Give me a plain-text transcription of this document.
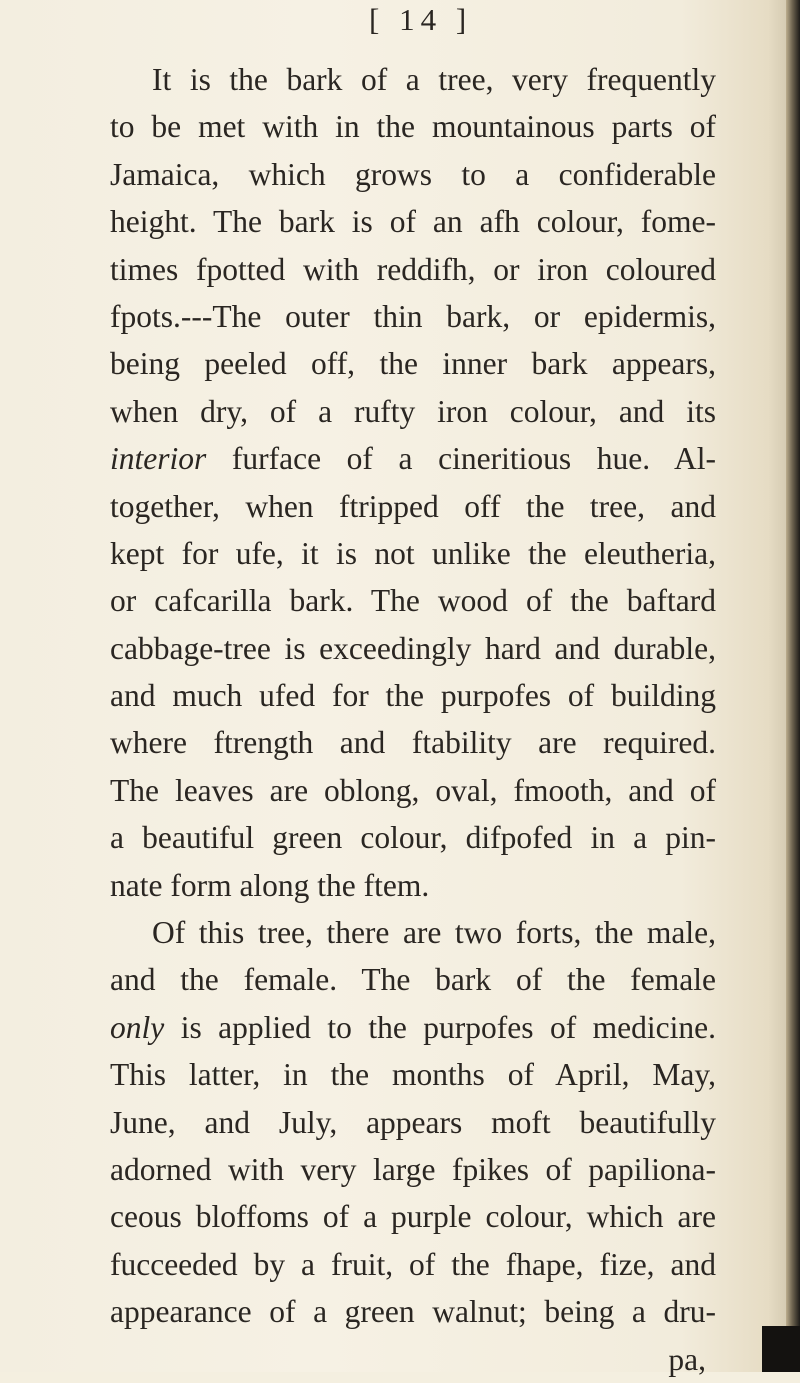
[ 14 ]
It is the bark of a tree, very frequently
to be met with in the mountainous parts of
Jamaica, which grows to a confiderable
height. The bark is of an afh colour, fome-
times fpotted with reddifh, or iron coloured
fpots.---The outer thin bark, or epidermis,
being peeled off, the inner bark appears,
when dry, of a rufty iron colour, and its
interior furface of a cineritious hue. Al-
together, when ftripped off the tree, and
kept for ufe, it is not unlike the eleutheria,
or cafcarilla bark. The wood of the baftard
cabbage-tree is exceedingly hard and durable,
and much ufed for the purpofes of building
where ftrength and ftability are required.
The leaves are oblong, oval, fmooth, and of
a beautiful green colour, difpofed in a pin-
nate form along the ftem.
Of this tree, there are two forts, the male,
and the female. The bark of the female
only is applied to the purpofes of medicine.
This latter, in the months of April, May,
June, and July, appears moft beautifully
adorned with very large fpikes of papiliona-
ceous bloffoms of a purple colour, which are
fucceeded by a fruit, of the fhape, fize, and
appearance of a green walnut; being a dru-
pa,
